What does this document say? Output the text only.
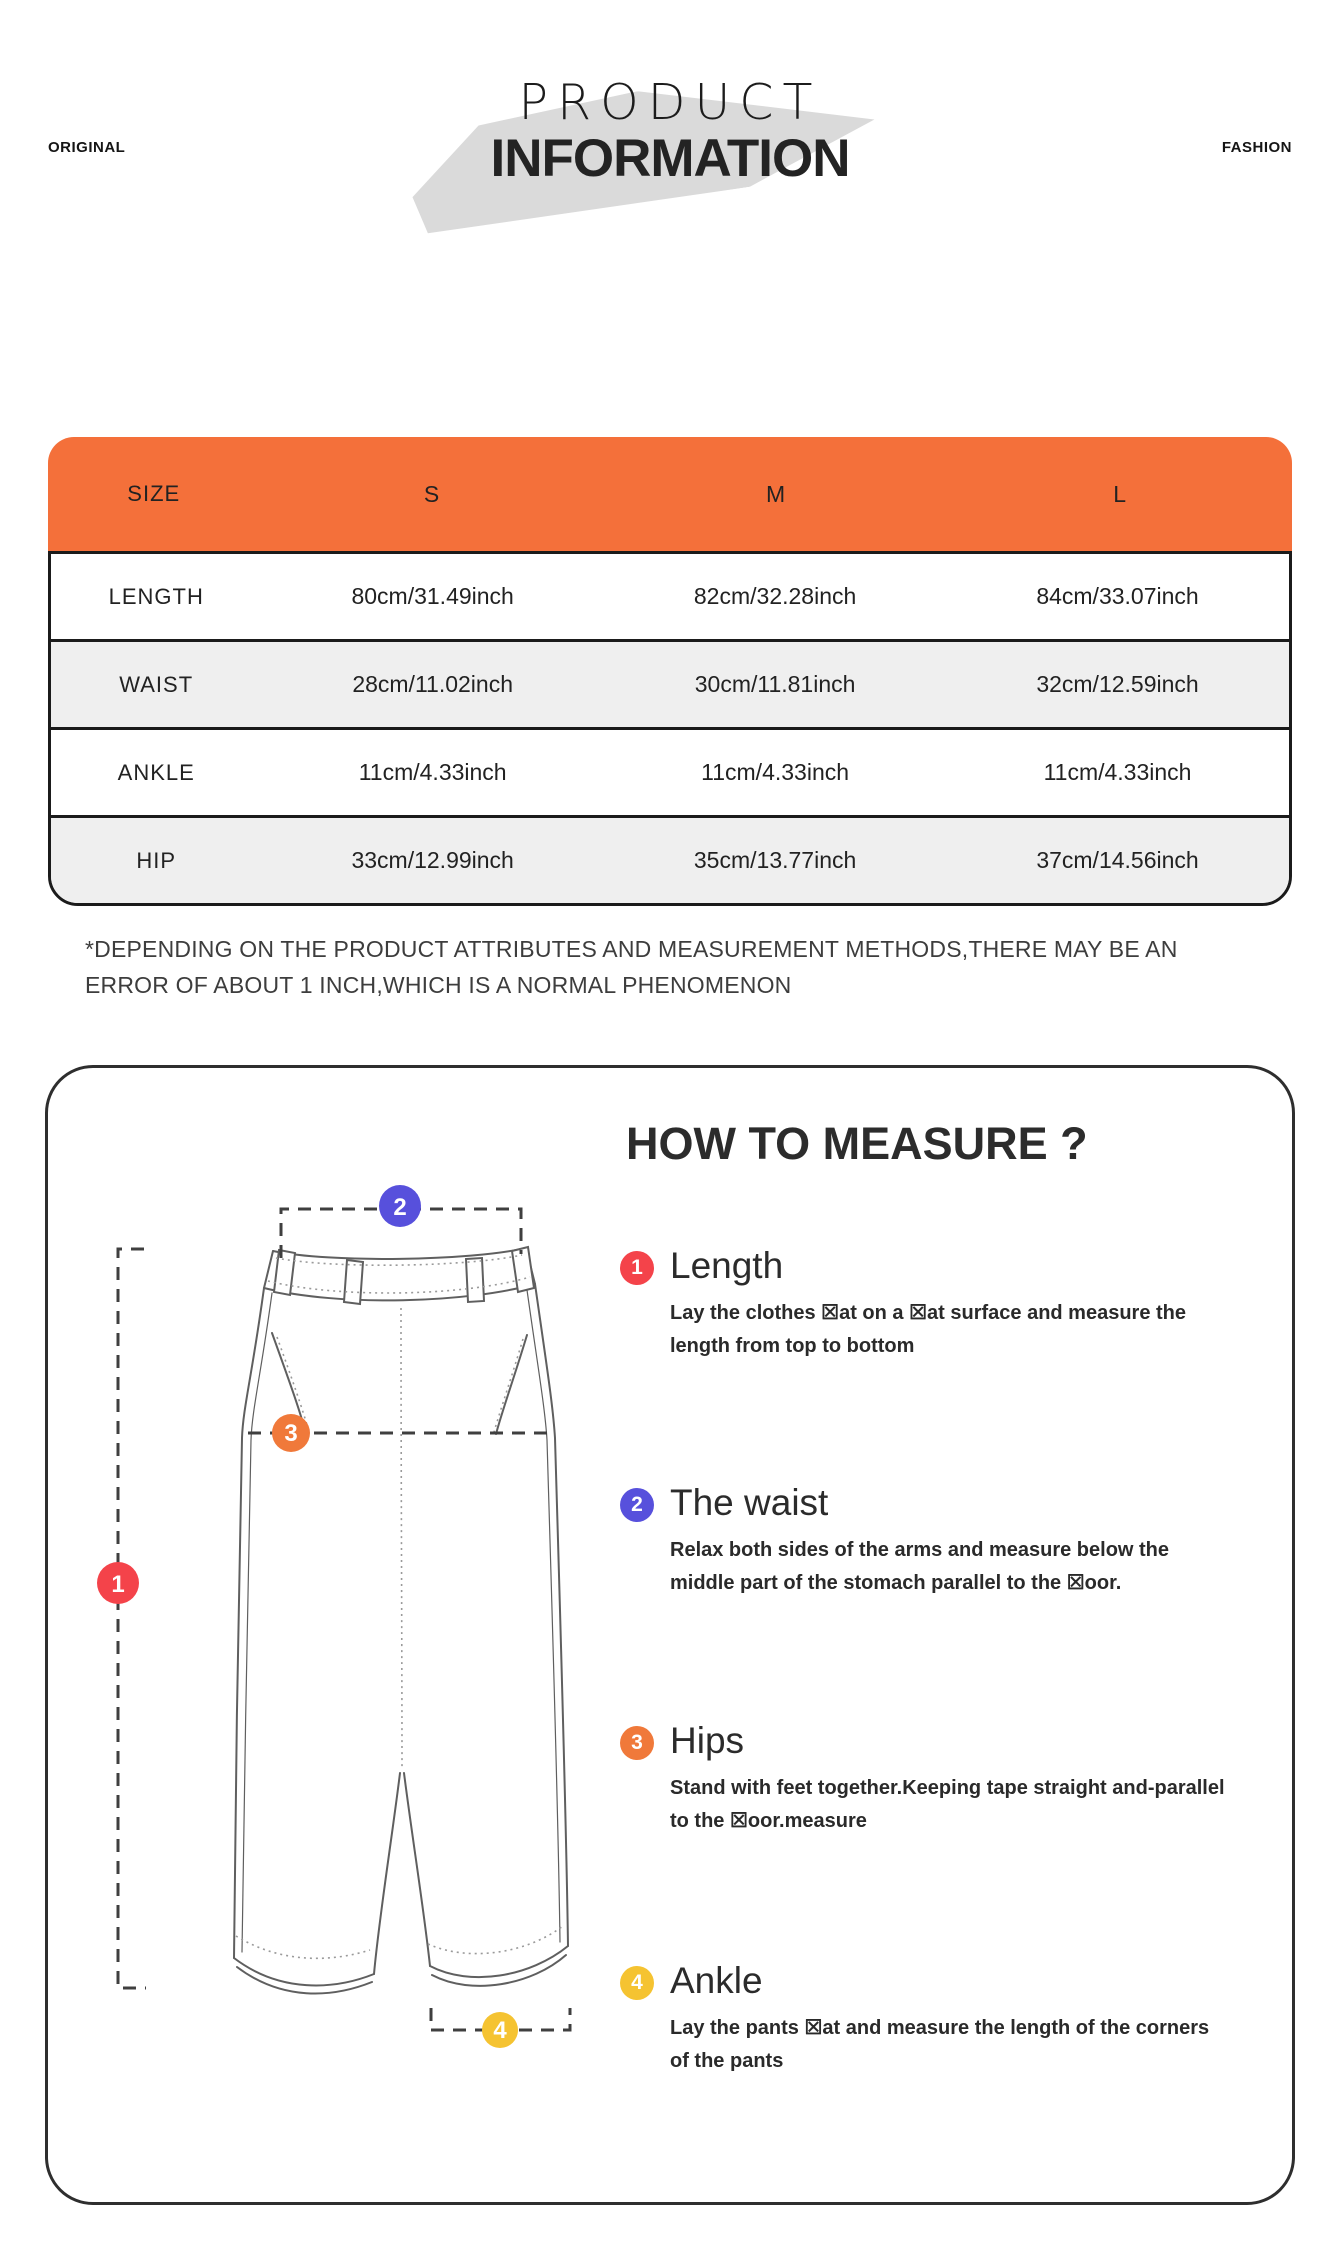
ORIGINAL	FASHION
PRODUCT
INFORMATION
SIZE	S	M	L
LENGTH	80cm/31.49inch	82cm/32.28inch	84cm/33.07inch
WAIST	28cm/11.02inch	30cm/11.81inch	32cm/12.59inch
ANKLE	11cm/4.33inch	11cm/4.33inch	11cm/4.33inch
HIP	33cm/12.99inch	35cm/13.77inch	37cm/14.56inch
*DEPENDING ON THE PRODUCT ATTRIBUTES AND MEASUREMENT METHODS,THERE MAY BE AN ERROR OF ABOUT 1 INCH,WHICH IS A NORMAL PHENOMENON
HOW TO MEASURE ?
1
2
3
4
1 Length
Lay the clothes ☒at on a ☒at surface and measure the length from top to bottom
2 The waist
Relax both sides of the arms and measure below the middle part of the stomach parallel to the ☒oor.
3 Hips
Stand with feet together.Keeping tape straight and-parallel to the ☒oor.measure
4 Ankle
Lay the pants ☒at and measure the length of the corners of the pants
